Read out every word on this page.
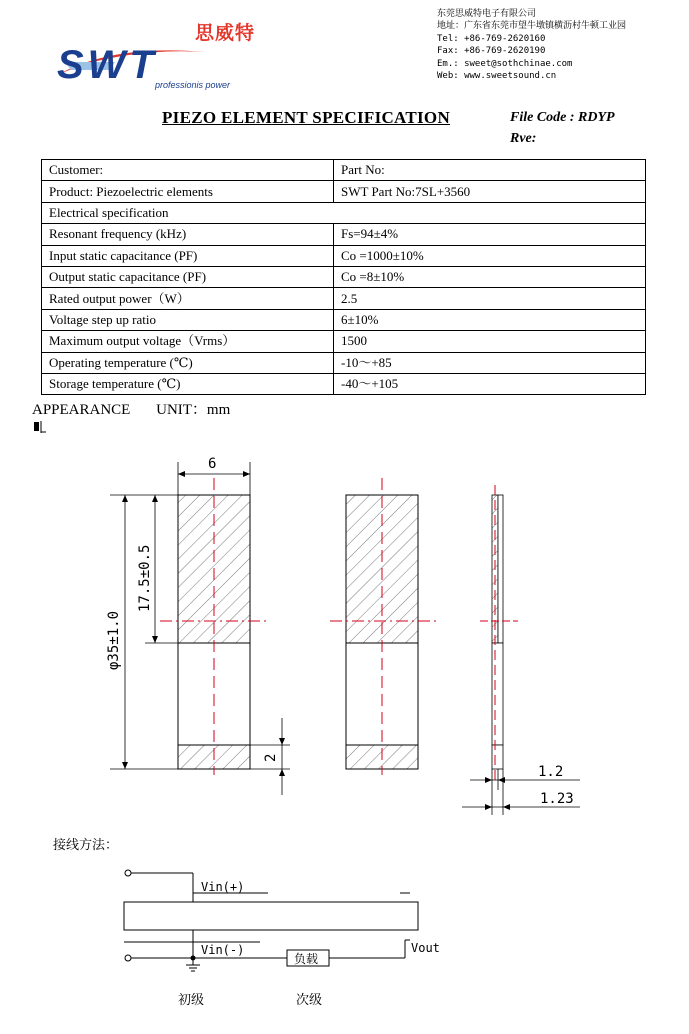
思威特
SWT
professionis power
东莞思威特电子有限公司
地址：广东省东莞市望牛墩镇横沥村牛顿工业园
Tel: +86-769-2620160
Fax: +86-769-2620190
Em.: sweet@sothchinae.com
Web: www.sweetsound.cn
PIEZO ELEMENT SPECIFICATION	File Code : RDYP
Rve:
Customer:	Part No:
Product: Piezoelectric elements	SWT Part No:7SL+3560
Electrical specification	
Resonant frequency (kHz)	Fs=94±4%
Input static capacitance (PF)	Co =1000±10%
Output static capacitance (PF)	Co =8±10%
Rated output power（W）	2.5
Voltage step up ratio	6±10%
Maximum output voltage（Vrms）	1500
Operating temperature (℃)	-10～+85
Storage temperature (℃)	-40～+105
APPEARANCE UNIT：mm
6
φ35±1.0
17.5±0.5
2
1.2
1.23
接线方法：
Vin(+)
Vin(-)
负载
Vout
初级	次级
